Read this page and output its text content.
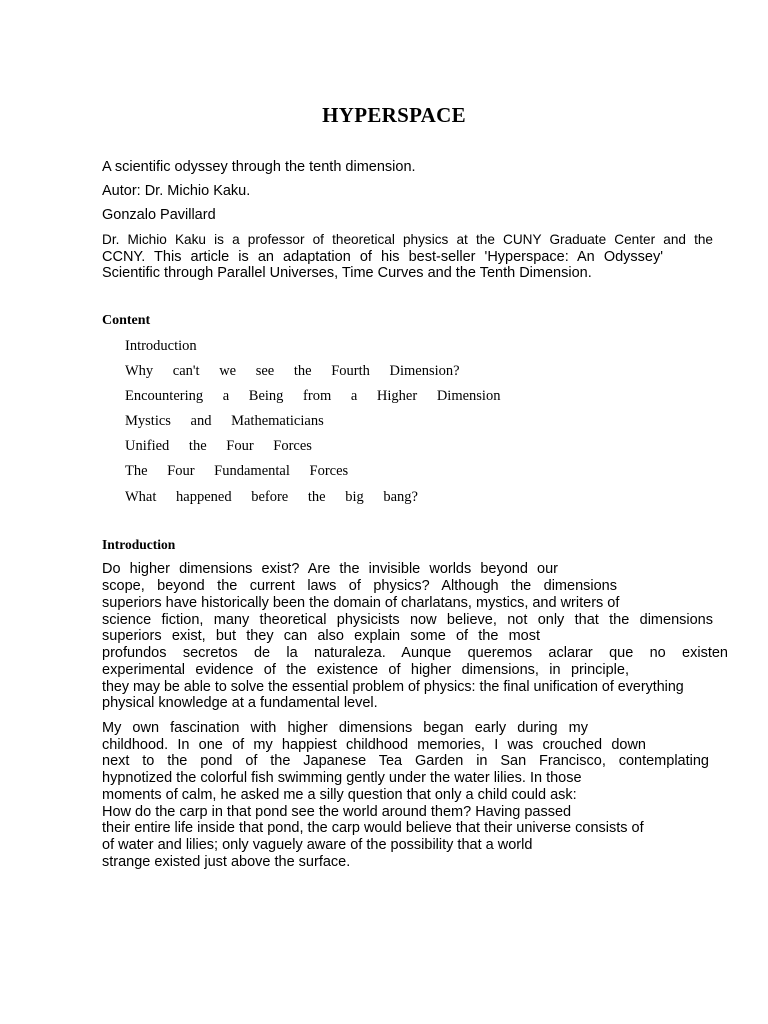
HYPERSPACE
A scientific odyssey through the tenth dimension.
Autor: Dr. Michio Kaku.
Gonzalo Pavillard
Dr. Michio Kaku is a professor of theoretical physics at the CUNY Graduate Center and the
CCNY. This article is an adaptation of his best-seller 'Hyperspace: An Odyssey'
Scientific through Parallel Universes, Time Curves and the Tenth Dimension.
Content
Introduction
Why can't we see the Fourth Dimension?
Encountering a Being from a Higher Dimension
Mystics and Mathematicians
Unified the Four Forces
The Four Fundamental Forces
What happened before the big bang?
Introduction
Do higher dimensions exist? Are the invisible worlds beyond our
scope, beyond the current laws of physics? Although the dimensions
superiors have historically been the domain of charlatans, mystics, and writers of
science fiction, many theoretical physicists now believe, not only that the dimensions
superiors exist, but they can also explain some of the most
profundos secretos de la naturaleza. Aunque queremos aclarar que no existen
experimental evidence of the existence of higher dimensions, in principle,
they may be able to solve the essential problem of physics: the final unification of everything
physical knowledge at a fundamental level.
My own fascination with higher dimensions began early during my
childhood. In one of my happiest childhood memories, I was crouched down
next to the pond of the Japanese Tea Garden in San Francisco, contemplating
hypnotized the colorful fish swimming gently under the water lilies. In those
moments of calm, he asked me a silly question that only a child could ask:
How do the carp in that pond see the world around them? Having passed
their entire life inside that pond, the carp would believe that their universe consists of
of water and lilies; only vaguely aware of the possibility that a world
strange existed just above the surface.
